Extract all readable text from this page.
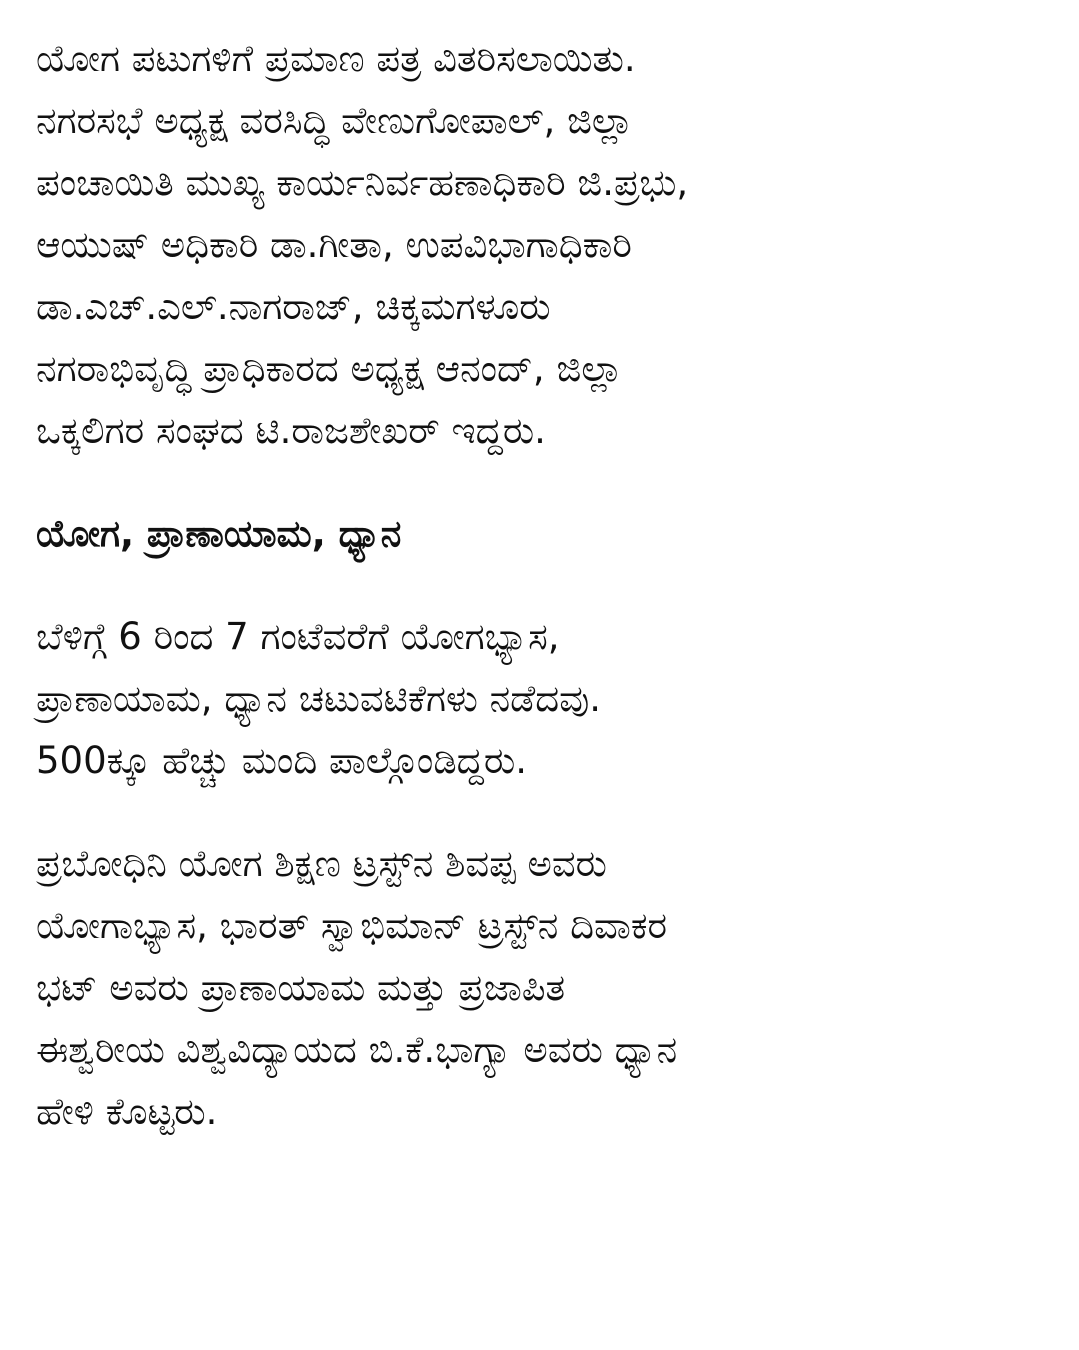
ಯೋಗ ಪಟುಗಳಿಗೆ ಪ್ರಮಾಣ ಪತ್ರ ವಿತರಿಸಲಾಯಿತು.
ನಗರಸಭೆ ಅಧ್ಯಕ್ಷ ವರಸಿದ್ಧಿ ವೇಣುಗೋಪಾಲ್, ಜಿಲ್ಲಾ
ಪಂಚಾಯಿತಿ ಮುಖ್ಯ ಕಾರ್ಯನಿರ್ವಹಣಾಧಿಕಾರಿ ಜಿ.ಪ್ರಭು,
ಆಯುಷ್ ಅಧಿಕಾರಿ ಡಾ.ಗೀತಾ, ಉಪವಿಭಾಗಾಧಿಕಾರಿ
ಡಾ.ಎಚ್.ಎಲ್.ನಾಗರಾಜ್, ಚಿಕ್ಕಮಗಳೂರು
ನಗರಾಭಿವೃದ್ಧಿ ಪ್ರಾಧಿಕಾರದ ಅಧ್ಯಕ್ಷ ಆನಂದ್, ಜಿಲ್ಲಾ
ಒಕ್ಕಲಿಗರ ಸಂಘದ ಟಿ.ರಾಜಶೇಖರ್ ಇದ್ದರು.

ಯೋಗ, ಪ್ರಾಣಾಯಾಮ, ಧ್ಯಾನ

ಬೆಳಿಗ್ಗೆ 6 ರಿಂದ 7 ಗಂಟೆವರೆಗೆ ಯೋಗಭ್ಯಾಸ,
ಪ್ರಾಣಾಯಾಮ, ಧ್ಯಾನ ಚಟುವಟಿಕೆಗಳು ನಡೆದವು.
500ಕ್ಕೂ ಹೆಚ್ಚು ಮಂದಿ ಪಾಲ್ಗೊಂಡಿದ್ದರು.

ಪ್ರಬೋಧಿನಿ ಯೋಗ ಶಿಕ್ಷಣ ಟ್ರಸ್ಟ್‌ನ ಶಿವಪ್ಪ ಅವರು
ಯೋಗಾಭ್ಯಾಸ, ಭಾರತ್ ಸ್ವಾಭಿಮಾನ್ ಟ್ರಸ್ಟ್‌ನ ದಿವಾಕರ
ಭಟ್ ಅವರು ಪ್ರಾಣಾಯಾಮ ಮತ್ತು ಪ್ರಜಾಪಿತ
ಈಶ್ವರೀಯ ವಿಶ್ವವಿದ್ಯಾಯದ ಬಿ.ಕೆ.ಭಾಗ್ಯಾ ಅವರು ಧ್ಯಾನ
ಹೇಳಿ ಕೊಟ್ಟರು.
